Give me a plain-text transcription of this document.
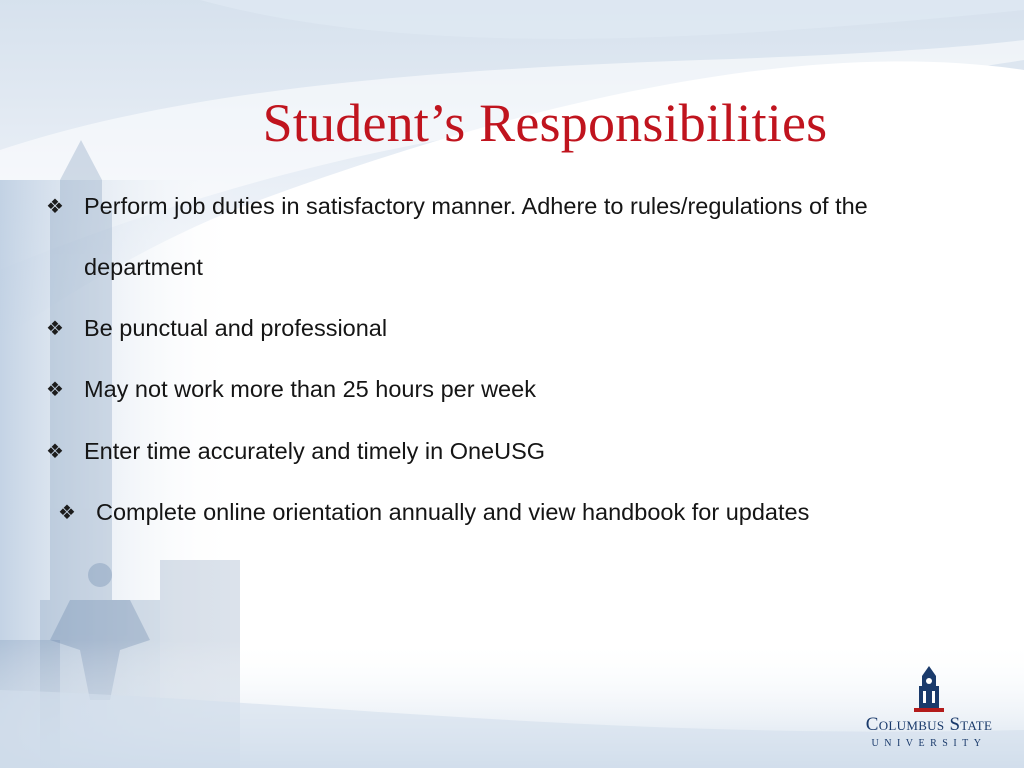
Student’s Responsibilities
❖ Perform job duties in satisfactory manner. Adhere to rules/regulations of the
department
❖ Be punctual and professional
❖ May not work more than 25 hours per week
❖ Enter time accurately and timely in OneUSG
❖ Complete online orientation annually and view handbook for updates
Columbus State
UNIVERSITY
